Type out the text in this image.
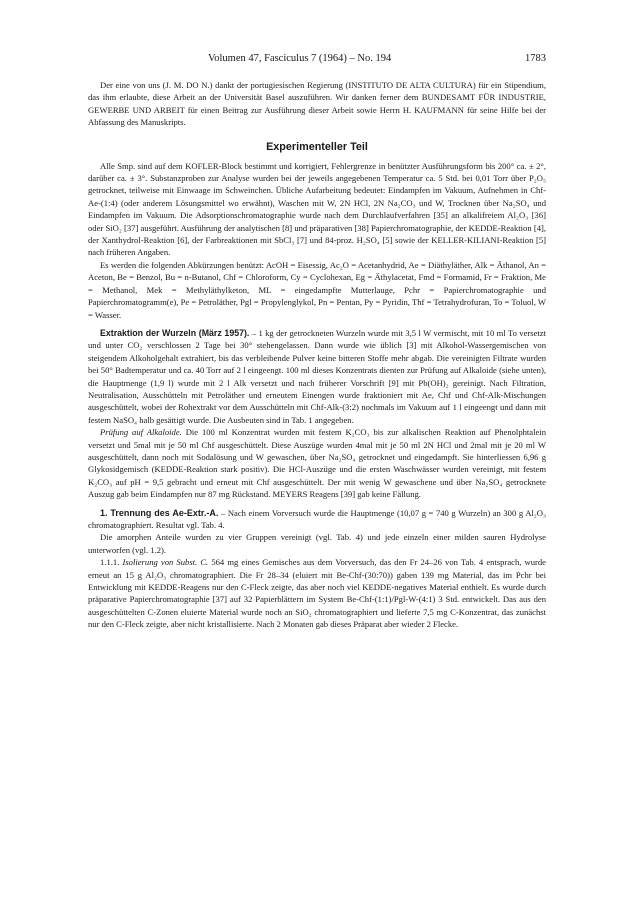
Volumen 47, Fasciculus 7 (1964) – No. 194	1783

Der eine von uns (J. M. DO N.) dankt der portugiesischen Regierung (INSTITUTO DE ALTA CULTURA) für ein Stipendium, das ihm erlaubte, diese Arbeit an der Universität Basel auszuführen. Wir danken ferner dem BUNDESAMT FÜR INDUSTRIE, GEWERBE UND ARBEIT für einen Beitrag zur Ausführung dieser Arbeit sowie Herrn H. KAUFMANN für seine Hilfe bei der Abfassung des Manuskripts.

Experimenteller Teil

Alle Smp. sind auf dem KOFLER-Block bestimmt und korrigiert, Fehlergrenze in benützter Ausführungsform bis 200° ca. ± 2°, darüber ca. ± 3°. Substanzproben zur Analyse wurden bei der jeweils angegebenen Temperatur ca. 5 Std. bei 0,01 Torr über P₂O₅ getrocknet, teilweise mit Einwaage im Schweinchen. Übliche Aufarbeitung bedeutet: Eindampfen im Vakuum, Aufnehmen in Chf-Ae-(1:4) (oder anderem Lösungsmittel wo erwähnt), Waschen mit W, 2N HCl, 2N Na₂CO₃ und W, Trocknen über Na₂SO₄ und Eindampfen im Vakuum. Die Adsorptionschromatographie wurde nach dem Durchlaufverfahren [35] an alkalifreiem Al₂O₃ [36] oder SiO₂ [37] ausgeführt. Ausführung der analytischen [8] und präparativen [38] Papierchromatographie, der KEDDE-Reaktion [4], der Xanthydrol-Reaktion [6], der Farbreaktionen mit SbCl₃ [7] und 84-proz. H₂SO₄ [5] sowie der KELLER-KILIANI-Reaktion [5] nach früheren Angaben.

Es werden die folgenden Abkürzungen benützt: AcOH = Eisessig, Ac₂O = Acetanhydrid, Ae = Diäthyläther, Alk = Äthanol, An = Aceton, Be = Benzol, Bu = n-Butanol, Chf = Chloroform, Cy = Cyclohexan, Eg = Äthylacetat, Fmd = Formamid, Fr = Fraktion, Me = Methanol, Mek = Methyläthylketon, ML = eingedampfte Mutterlauge, Pchr = Papierchromatographie und Papierchromatogramm(e), Pe = Petroläther, Pgl = Propylenglykol, Pn = Pentan, Py = Pyridin, Thf = Tetrahydrofuran, To = Toluol, W = Wasser.

Extraktion der Wurzeln (März 1957). – 1 kg der getrockneten Wurzeln wurde mit 3,5 l W vermischt, mit 10 ml To versetzt und unter CO₂ verschlossen 2 Tage bei 30° stehengelassen. Dann wurde wie üblich [3] mit Alkohol-Wassergemischen von steigendem Alkoholgehalt extrahiert, bis das verbleibende Pulver keine bitteren Stoffe mehr abgab. Die vereinigten Filtrate wurden bei 50° Badtemperatur und ca. 40 Torr auf 2 l eingeengt. 100 ml dieses Konzentrats dienten zur Prüfung auf Alkaloide (siehe unten), die Hauptmenge (1,9 l) wurde mit 2 l Alk versetzt und nach früherer Vorschrift [9] mit Pb(OH)₂ gereinigt. Nach Filtration, Neutralisation, Ausschütteln mit Petroläther und erneutem Einengen wurde fraktioniert mit Ae, Chf und Chf-Alk-Mischungen ausgeschüttelt, wobei der Rohextrakt vor dem Ausschütteln mit Chf-Alk-(3:2) nochmals im Vakuum auf 1 l eingeengt und dann mit festem NaSO₄ halb gesättigt wurde. Die Ausbeuten sind in Tab. 1 angegeben.

Prüfung auf Alkaloide. Die 100 ml Konzentrat wurden mit festem K₂CO₃ bis zur alkalischen Reaktion auf Phenolphtalein versetzt und 5mal mit je 50 ml Chf ausgeschüttelt. Diese Auszüge wurden 4mal mit je 50 ml 2N HCl und 2mal mit je 20 ml W ausgeschüttelt, dann noch mit Sodalösung und W gewaschen, über Na₂SO₄ getrocknet und eingedampft. Sie hinterliessen 6,96 g Glykosidgemisch (KEDDE-Reaktion stark positiv). Die HCl-Auszüge und die ersten Waschwässer wurden vereinigt, mit festem K₂CO₃ auf pH = 9,5 gebracht und erneut mit Chf ausgeschüttelt. Der mit wenig W gewaschene und über Na₂SO₄ getrocknete Auszug gab beim Eindampfen nur 87 mg Rückstand. MEYERS Reagens [39] gab keine Fällung.

1. Trennung des Ae-Extr.-A. – Nach einem Vorversuch wurde die Hauptmenge (10,07 g = 740 g Wurzeln) an 300 g Al₂O₃ chromatographiert. Resultat vgl. Tab. 4.

Die amorphen Anteile wurden zu vier Gruppen vereinigt (vgl. Tab. 4) und jede einzeln einer milden sauren Hydrolyse unterworfen (vgl. 1.2).

1.1.1. Isolierung von Subst. C. 564 mg eines Gemisches aus dem Vorversuch, das den Fr 24–26 von Tab. 4 entsprach, wurde erneut an 15 g Al₂O₃ chromatographiert. Die Fr 28–34 (eluiert mit Be-Chf-(30:70)) gaben 139 mg Material, das im Pchr bei Entwicklung mit KEDDE-Reagens nur den C-Fleck zeigte, das aber noch viel KEDDE-negatives Material enthielt. Es wurde durch präparative Papierchromatographie [37] auf 32 Papierblättern im System Be-Chf-(1:1)/Pgl-W-(4:1) 3 Std. entwickelt. Das aus den ausgeschüttelten C-Zonen eluierte Material wurde noch an SiO₂ chromatographiert und lieferte 7,5 mg C-Konzentrat, das zunächst nur den C-Fleck zeigte, aber nicht kristallisierte. Nach 2 Monaten gab dieses Präparat aber wieder 2 Flecke.
